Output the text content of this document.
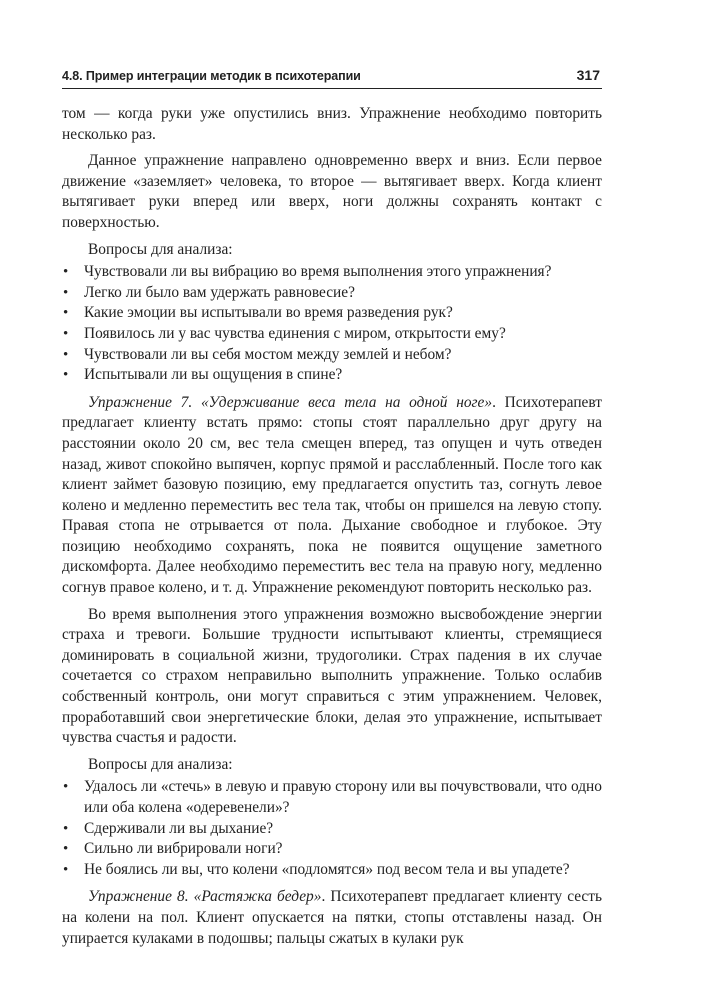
4.8. Пример интеграции методик в психотерапии	317

том — когда руки уже опустились вниз. Упражнение необходимо повторить несколько раз.

Данное упражнение направлено одновременно вверх и вниз. Если первое движение «заземляет» человека, то второе — вытягивает вверх. Когда клиент вытягивает руки вперед или вверх, ноги должны сохранять контакт с поверхностью.

Вопросы для анализа:

• Чувствовали ли вы вибрацию во время выполнения этого упражнения?
• Легко ли было вам удержать равновесие?
• Какие эмоции вы испытывали во время разведения рук?
• Появилось ли у вас чувства единения с миром, открытости ему?
• Чувствовали ли вы себя мостом между землей и небом?
• Испытывали ли вы ощущения в спине?

Упражнение 7. «Удерживание веса тела на одной ноге». Психотерапевт предлагает клиенту встать прямо: стопы стоят параллельно друг другу на расстоянии около 20 см, вес тела смещен вперед, таз опущен и чуть отведен назад, живот спокойно выпячен, корпус прямой и расслабленный. После того как клиент займет базовую позицию, ему предлагается опустить таз, согнуть левое колено и медленно переместить вес тела так, чтобы он пришелся на левую стопу. Правая стопа не отрывается от пола. Дыхание свободное и глубокое. Эту позицию необходимо сохранять, пока не появится ощущение заметного дискомфорта. Далее необходимо переместить вес тела на правую ногу, медленно согнув правое колено, и т. д. Упражнение рекомендуют повторить несколько раз.

Во время выполнения этого упражнения возможно высвобождение энергии страха и тревоги. Большие трудности испытывают клиенты, стремящиеся доминировать в социальной жизни, трудоголики. Страх падения в их случае сочетается со страхом неправильно выполнить упражнение. Только ослабив собственный контроль, они могут справиться с этим упражнением. Человек, проработавший свои энергетические блоки, делая это упражнение, испытывает чувства счастья и радости.

Вопросы для анализа:

• Удалось ли «стечь» в левую и правую сторону или вы почувствовали, что одно или оба колена «одеревенели»?
• Сдерживали ли вы дыхание?
• Сильно ли вибрировали ноги?
• Не боялись ли вы, что колени «подломятся» под весом тела и вы упадете?

Упражнение 8. «Растяжка бедер». Психотерапевт предлагает клиенту сесть на колени на пол. Клиент опускается на пятки, стопы отставлены назад. Он упирается кулаками в подошвы; пальцы сжатых в кулаки рук
